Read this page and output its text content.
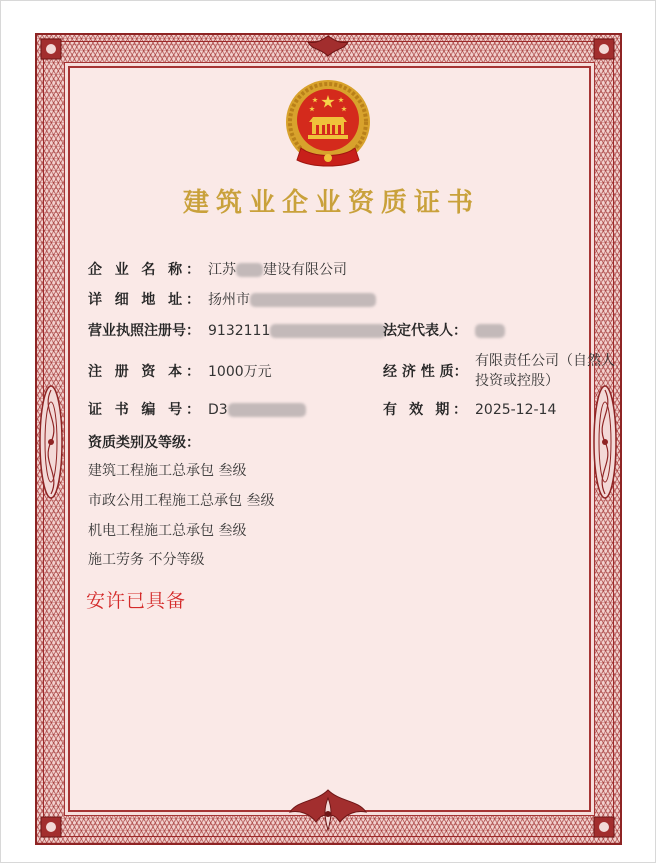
建筑业企业资质证书
企 业 名 称： 江苏 建设有限公司
详 细 地 址： 扬州市
营业执照注册号： 9132111	法定代表人：
注 册 资 本： 1000万元	经 济 性 质：
有限责任公司（自然人
投资或控股）
证 书 编 号： D3	有 效 期： 2025-12-14
资质类别及等级：
建筑工程施工总承包 叁级
市政公用工程施工总承包 叁级
机电工程施工总承包 叁级
施工劳务 不分等级
安许已具备
